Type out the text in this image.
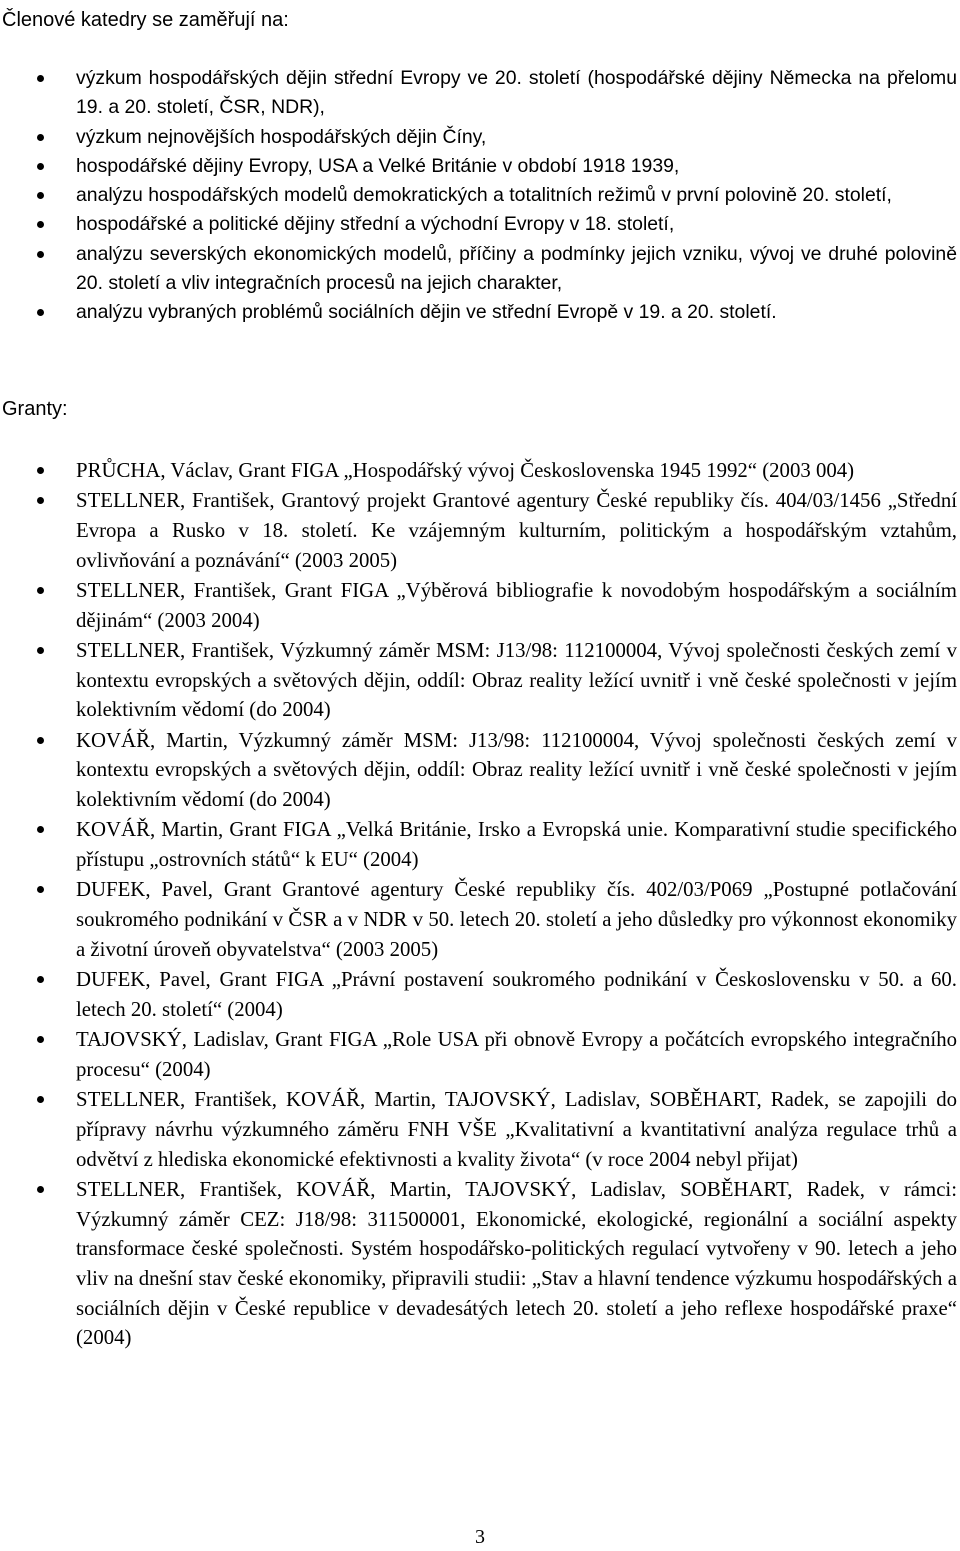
Členové katedry se zaměřují na:
výzkum hospodářských dějin střední Evropy ve 20. století (hospodářské dějiny Německa na přelomu 19. a 20. století, ČSR, NDR),
výzkum nejnovějších hospodářských dějin Číny,
hospodářské dějiny Evropy, USA a Velké Británie v období 1918 1939,
analýzu hospodářských modelů demokratických a totalitních režimů v první polovině 20. století,
hospodářské a politické dějiny střední a východní Evropy v 18. století,
analýzu severských ekonomických modelů, příčiny a podmínky jejich vzniku, vývoj ve druhé polovině 20. století a vliv integračních procesů na jejich charakter,
analýzu vybraných problémů sociálních dějin ve střední Evropě v 19. a 20. století.
Granty:
PRŮCHA, Václav, Grant FIGA „Hospodářský vývoj Československa 1945 1992“ (2003 004)
STELLNER, František, Grantový projekt Grantové agentury České republiky čís. 404/03/1456 „Střední Evropa a Rusko v 18. století. Ke vzájemným kulturním, politickým a hospodářským vztahům, ovlivňování a poznávání“ (2003 2005)
STELLNER, František, Grant FIGA „Výběrová bibliografie k novodobým hospodářským a sociálním dějinám“ (2003 2004)
STELLNER, František, Výzkumný záměr MSM: J13/98: 112100004, Vývoj společnosti českých zemí v kontextu evropských a světových dějin, oddíl: Obraz reality ležící uvnitř i vně české společnosti v jejím kolektivním vědomí (do 2004)
KOVÁŘ, Martin, Výzkumný záměr MSM: J13/98: 112100004, Vývoj společnosti českých zemí v kontextu evropských a světových dějin, oddíl: Obraz reality ležící uvnitř i vně české společnosti v jejím kolektivním vědomí (do 2004)
KOVÁŘ, Martin, Grant FIGA „Velká Británie, Irsko a Evropská unie. Komparativní studie specifického přístupu „ostrovních států“ k EU“ (2004)
DUFEK, Pavel, Grant Grantové agentury České republiky čís. 402/03/P069 „Postupné potlačování soukromého podnikání v ČSR a v NDR v 50. letech 20. století a jeho důsledky pro výkonnost ekonomiky a životní úroveň obyvatelstva“ (2003 2005)
DUFEK, Pavel, Grant FIGA „Právní postavení soukromého podnikání v Československu v 50. a 60. letech 20. století“ (2004)
TAJOVSKÝ, Ladislav, Grant FIGA „Role USA při obnově Evropy a počátcích evropského integračního procesu“ (2004)
STELLNER, František, KOVÁŘ, Martin, TAJOVSKÝ, Ladislav, SOBĚHART, Radek, se zapojili do přípravy návrhu výzkumného záměru FNH VŠE „Kvalitativní a kvantitativní analýza regulace trhů a odvětví z hlediska ekonomické efektivnosti a kvality života“ (v roce 2004 nebyl přijat)
STELLNER, František, KOVÁŘ, Martin, TAJOVSKÝ, Ladislav, SOBĚHART, Radek, v rámci: Výzkumný záměr CEZ: J18/98: 311500001, Ekonomické, ekologické, regionální a sociální aspekty transformace české společnosti. Systém hospodářsko-politických regulací vytvořeny v 90. letech a jeho vliv na dnešní stav české ekonomiky, připravili studii: „Stav a hlavní tendence výzkumu hospodářských a sociálních dějin v České republice v devadesátých letech 20. století a jeho reflexe hospodářské praxe“ (2004)
3
